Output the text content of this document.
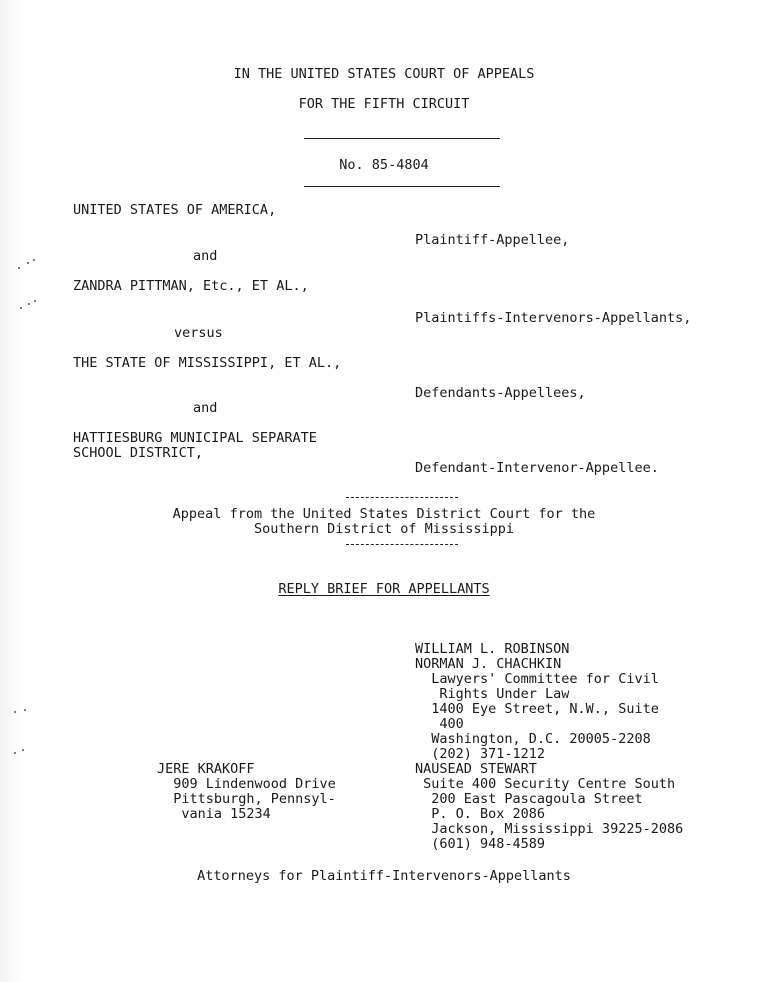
IN THE UNITED STATES COURT OF APPEALS
FOR THE FIFTH CIRCUIT
No. 85-4804
UNITED STATES OF AMERICA,
Plaintiff-Appellee,
and
ZANDRA PITTMAN, Etc., ET AL.,
Plaintiffs-Intervenors-Appellants,
versus
THE STATE OF MISSISSIPPI, ET AL.,
Defendants-Appellees,
and
HATTIESBURG MUNICIPAL SEPARATE
SCHOOL DISTRICT,
Defendant-Intervenor-Appellee.
Appeal from the United States District Court for the
Southern District of Mississippi
REPLY BRIEF FOR APPELLANTS
WILLIAM L. ROBINSON
NORMAN J. CHACHKIN
Lawyers' Committee for Civil
Rights Under Law
1400 Eye Street, N.W., Suite
400
Washington, D.C. 20005-2208
(202) 371-1212
NAUSEAD STEWART
Suite 400 Security Centre South
200 East Pascagoula Street
P. O. Box 2086
Jackson, Mississippi 39225-2086
(601) 948-4589
JERE KRAKOFF
909 Lindenwood Drive
Pittsburgh, Pennsyl-
vania 15234
Attorneys for Plaintiff-Intervenors-Appellants
